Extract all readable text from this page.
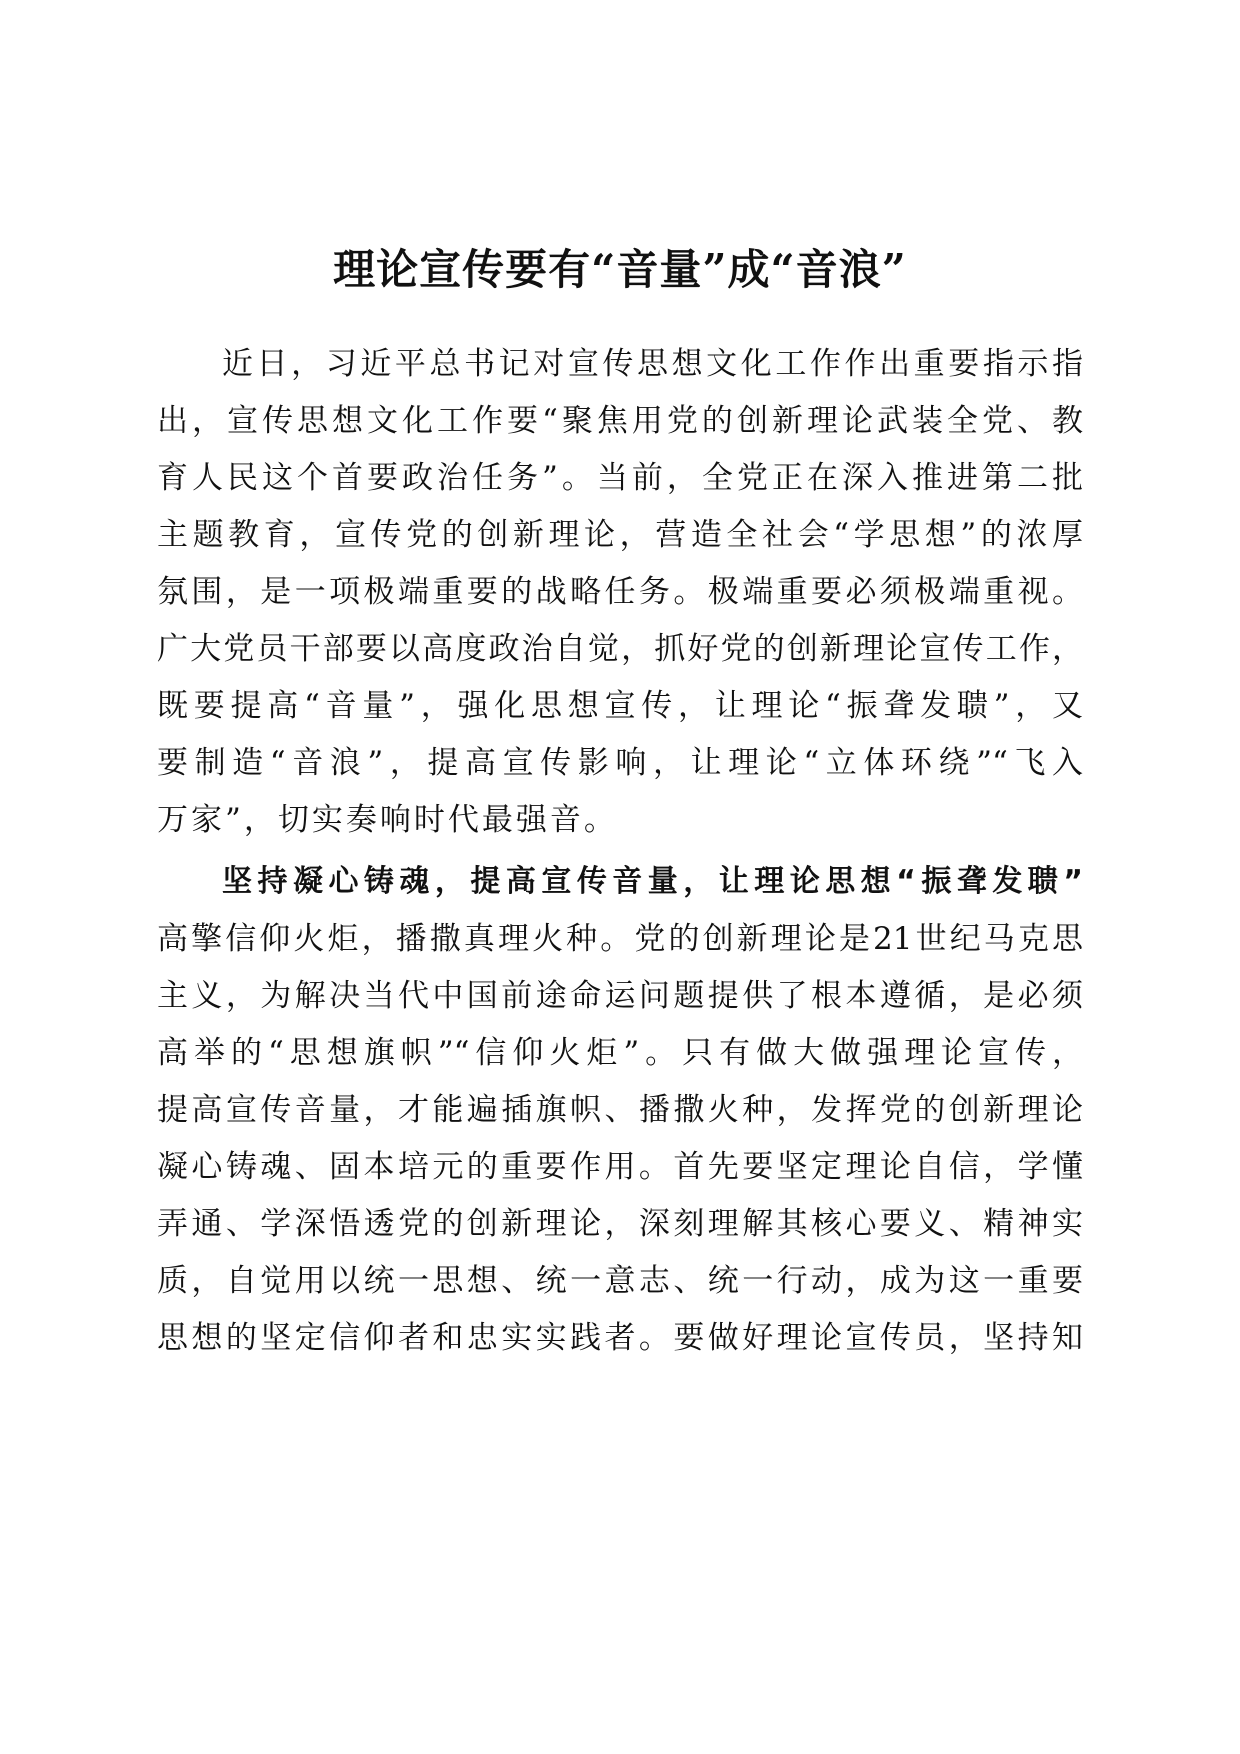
理论宣传要有“音量”成“音浪”
近日，习近平总书记对宣传思想文化工作作出重要指示指
出，宣传思想文化工作要“聚焦用党的创新理论武装全党、教
育人民这个首要政治任务”。当前，全党正在深入推进第二批
主题教育，宣传党的创新理论，营造全社会“学思想”的浓厚
氛围，是一项极端重要的战略任务。极端重要必须极端重视。
广大党员干部要以高度政治自觉，抓好党的创新理论宣传工作，
既要提高“音量”，强化思想宣传，让理论“振聋发聩”，又
要制造“音浪”，提高宣传影响，让理论“立体环绕”“飞入
万家”，切实奏响时代最强音。
坚持凝心铸魂，提高宣传音量，让理论思想“振聋发聩”
高擎信仰火炬，播撒真理火种。党的创新理论是21世纪马克思
主义，为解决当代中国前途命运问题提供了根本遵循，是必须
高举的“思想旗帜”“信仰火炬”。只有做大做强理论宣传，
提高宣传音量，才能遍插旗帜、播撒火种，发挥党的创新理论
凝心铸魂、固本培元的重要作用。首先要坚定理论自信，学懂
弄通、学深悟透党的创新理论，深刻理解其核心要义、精神实
质，自觉用以统一思想、统一意志、统一行动，成为这一重要
思想的坚定信仰者和忠实实践者。要做好理论宣传员，坚持知
